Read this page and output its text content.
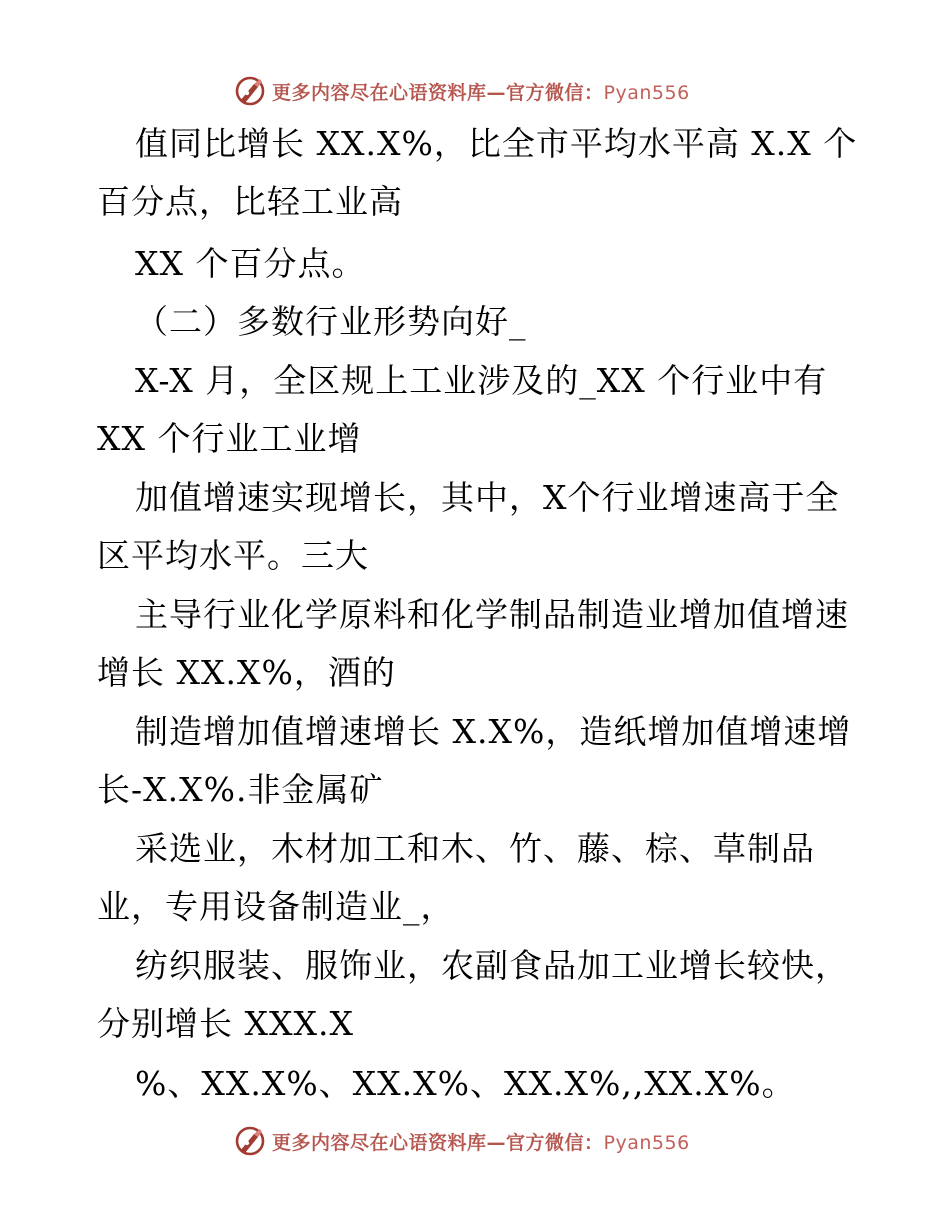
更多内容尽在心语资料库—官方微信：Pyan556
值同比增长 XX.X%，比全市平均水平高 X.X 个
百分点，比轻工业高
XX 个百分点。
（二）多数行业形势向好_
X-X 月，全区规上工业涉及的_XX 个行业中有
XX 个行业工业增
加值增速实现增长，其中，X个行业增速高于全
区平均水平。三大
主导行业化学原料和化学制品制造业增加值增速
增长 XX.X%，酒的
制造增加值增速增长 X.X%，造纸增加值增速增
长-X.X%.非金属矿
采选业，木材加工和木、竹、藤、棕、草制品
业，专用设备制造业_，
纺织服装、服饰业，农副食品加工业增长较快，
分别增长 XXX.X
%、XX.X%、XX.X%、XX.X%,,XX.X%。
更多内容尽在心语资料库—官方微信：Pyan556
